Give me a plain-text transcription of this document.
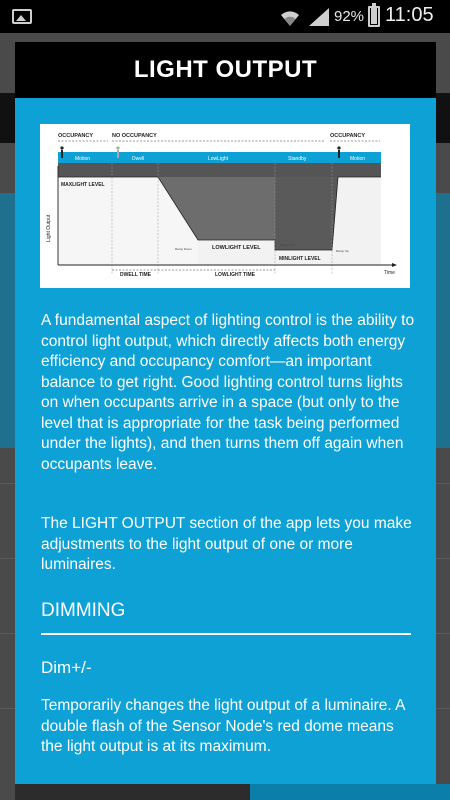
92% 11:05
LIGHT OUTPUT
OCCUPANCY	NO OCCUPANCY	OCCUPANCY
Motion	Dwell	LowLight	Standby	Motion
Light Output
Time
MAXLIGHT LEVEL
LOWLIGHT LEVEL
MINLIGHT LEVEL
Ramp Down
Ramp Down
Ramp Up
DWELL TIME	LOWLIGHT TIME

A fundamental aspect of lighting control is the ability to control light output, which directly affects both energy efficiency and occupancy comfort—an important balance to get right. Good lighting control turns lights on when occupants arrive in a space (but only to the level that is appropriate for the task being performed under the lights), and then turns them off again when occupants leave.

The LIGHT OUTPUT section of the app lets you make adjustments to the light output of one or more luminaires.

DIMMING
Dim+/-

Temporarily changes the light output of a luminaire. A double flash of the Sensor Node's red dome means the light output is at its maximum.
